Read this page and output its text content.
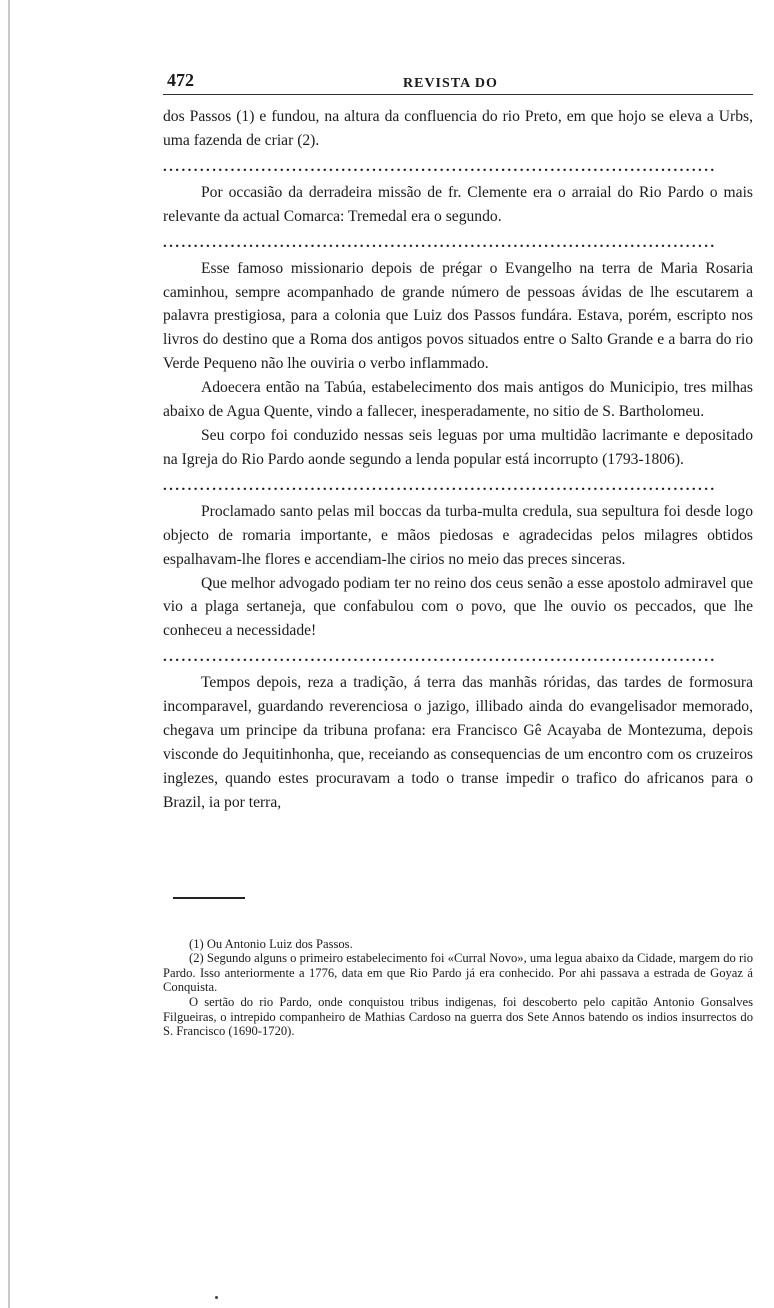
472	REVISTA DO

dos Passos (1) e fundou, na altura da confluencia do rio Preto, em que hojo se eleva a Urbs, uma fazenda de criar (2).

..........................................................................................

Por occasião da derradeira missão de fr. Clemente era o arraial do Rio Pardo o mais relevante da actual Comarca: Tremedal era o segundo.

..........................................................................................

Esse famoso missionario depois de prégar o Evangelho na terra de Maria Rosaria caminhou, sempre acompanhado de grande número de pessoas ávidas de lhe escutarem a palavra prestigiosa, para a colonia que Luiz dos Passos fundára. Estava, porém, escripto nos livros do destino que a Roma dos antigos povos situados entre o Salto Grande e a barra do rio Verde Pequeno não lhe ouviria o verbo inflammado.

Adoecera então na Tabúa, estabelecimento dos mais antigos do Municipio, tres milhas abaixo de Agua Quente, vindo a fallecer, inesperadamente, no sitio de S. Bartholomeu.

Seu corpo foi conduzido nessas seis leguas por uma multidão lacrimante e depositado na Igreja do Rio Pardo aonde segundo a lenda popular está incorrupto (1793-1806).

..........................................................................................

Proclamado santo pelas mil boccas da turba-multa credula, sua sepultura foi desde logo objecto de romaria importante, e mãos piedosas e agradecidas pelos milagres obtidos espalhavam-lhe flores e accendiam-lhe cirios no meio das preces sinceras.

Que melhor advogado podiam ter no reino dos ceus senão a esse apostolo admiravel que vio a plaga sertaneja, que confabulou com o povo, que lhe ouvio os peccados, que lhe conheceu a necessidade!

..........................................................................................

Tempos depois, reza a tradição, á terra das manhãs róridas, das tardes de formosura incomparavel, guardando reverenciosa o jazigo, illibado ainda do evangelisador memorado, chegava um principe da tribuna profana: era Francisco Gê Acayaba de Montezuma, depois visconde do Jequitinhonha, que, receiando as consequencias de um encontro com os cruzeiros inglezes, quando estes procuravam a todo o transe impedir o trafico do africanos para o Brazil, ia por terra,

(1) Ou Antonio Luiz dos Passos.

(2) Segundo alguns o primeiro estabelecimento foi «Curral Novo», uma legua abaixo da Cidade, margem do rio Pardo. Isso anteriormente a 1776, data em que Rio Pardo já era conhecido. Por ahi passava a estrada de Goyaz á Conquista.

O sertão do rio Pardo, onde conquistou tribus indigenas, foi descoberto pelo capitão Antonio Gonsalves Filgueiras, o intrepido companheiro de Mathias Cardoso na guerra dos Sete Annos batendo os indios insurrectos do S. Francisco (1690-1720).
